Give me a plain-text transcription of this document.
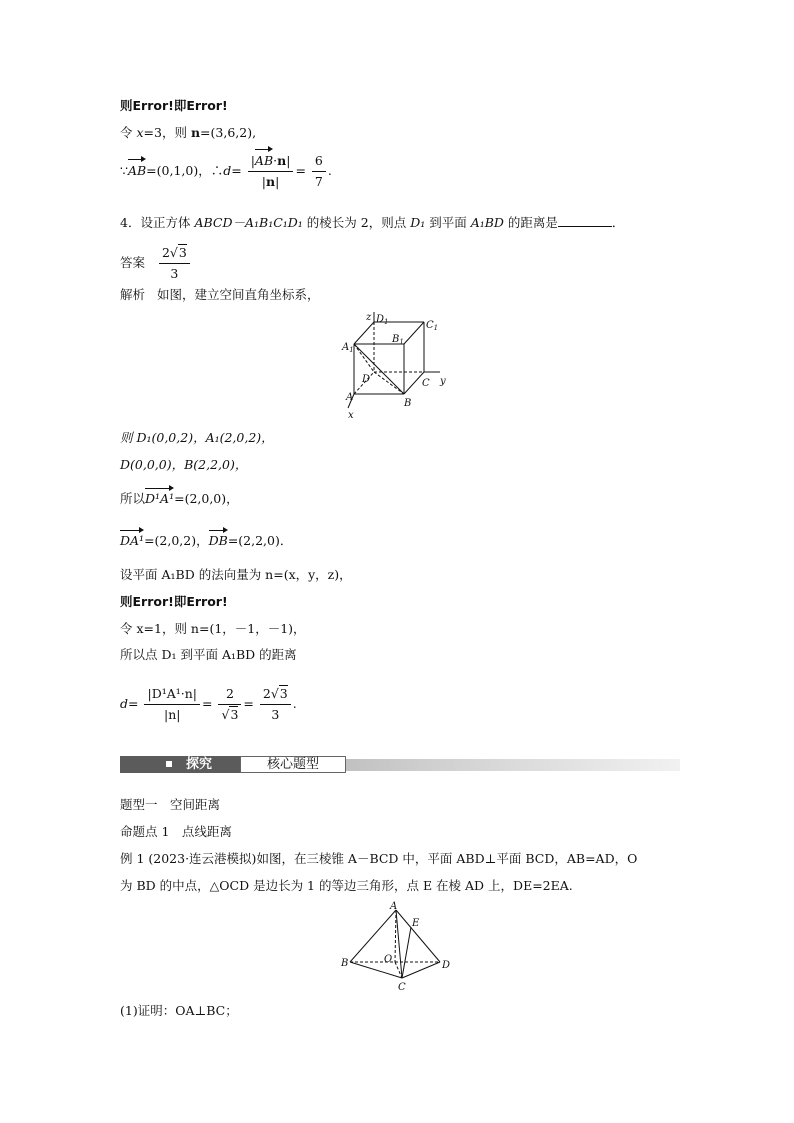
则Error!即Error!
令 x=3，则 n=(3,6,2),
∵AB=(0,1,0)，∴d= $\frac{|AB\cdot n|}{|n|} = \frac{6}{7}$ .
4．设正方体 ABCD－A₁B₁C₁D₁ 的棱长为 2，则点 D₁ 到平面 A₁BD 的距离是	．
答案 $\frac{2√3}{3}$
解析 如图，建立空间直角坐标系，
z $D_1$	$C_1$
$A_1$
$B_1$
D	C y
A
B
x
则 D₁(0,0,2)，A₁(2,0,2)，
D(0,0,0)，B(2,2,0)，
所以D¹A¹=(2,0,0)，
DA¹=(2,0,2)，DB=(2,2,0)．
设平面 A₁BD 的法向量为 n=(x，y，z)，
则Error!即Error!
令 x=1，则 n=(1，－1，－1)，
所以点 D₁ 到平面 A₁BD 的距离
$d= \frac{\text{|D¹A¹·n|}}{|n|} = \frac{2}{√3} = \frac{2√3}{3}$ .
探究	核心题型
题型一　空间距离
命题点 1　点线距离
例 1 (2023·连云港模拟)如图，在三棱锥 A－BCD 中，平面 ABD⊥平面 BCD，AB=AD，O
为 BD 的中点，△OCD 是边长为 1 的等边三角形，点 E 在棱 AD 上，DE=2EA.
A
E
B	O
D
C
(1)证明：OA⊥BC；
